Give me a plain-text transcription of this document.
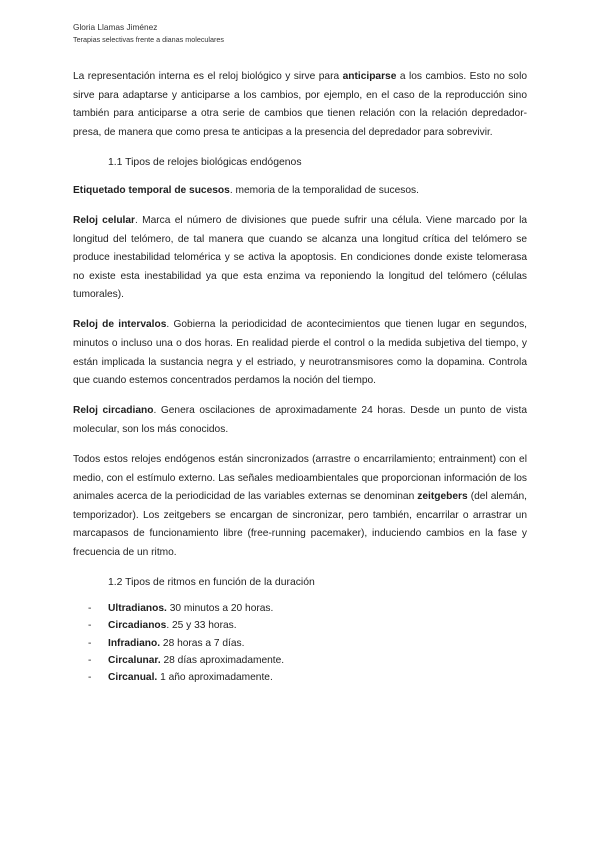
Gloria Llamas Jiménez
Terapias selectivas frente a dianas moleculares

La representación interna es el reloj biológico y sirve para anticiparse a los cambios. Esto no solo sirve para adaptarse y anticiparse a los cambios, por ejemplo, en el caso de la reproducción sino también para anticiparse a otra serie de cambios que tienen relación con la relación depredador-presa, de manera que como presa te anticipas a la presencia del depredador para sobrevivir.

1.1 Tipos de relojes biológicas endógenos

Etiquetado temporal de sucesos. memoria de la temporalidad de sucesos.

Reloj celular. Marca el número de divisiones que puede sufrir una célula. Viene marcado por la longitud del telómero, de tal manera que cuando se alcanza una longitud crítica del telómero se produce inestabilidad telomérica y se activa la apoptosis. En condiciones donde existe telomerasa no existe esta inestabilidad ya que esta enzima va reponiendo la longitud del telómero (células tumorales).

Reloj de intervalos. Gobierna la periodicidad de acontecimientos que tienen lugar en segundos, minutos o incluso una o dos horas. En realidad pierde el control o la medida subjetiva del tiempo, y están implicada la sustancia negra y el estriado, y neurotransmisores como la dopamina. Controla que cuando estemos concentrados perdamos la noción del tiempo.

Reloj circadiano. Genera oscilaciones de aproximadamente 24 horas. Desde un punto de vista molecular, son los más conocidos.

Todos estos relojes endógenos están sincronizados (arrastre o encarrilamiento; entrainment) con el medio, con el estímulo externo. Las señales medioambientales que proporcionan información de los animales acerca de la periodicidad de las variables externas se denominan zeitgebers (del alemán, temporizador). Los zeitgebers se encargan de sincronizar, pero también, encarrilar o arrastrar un marcapasos de funcionamiento libre (free-running pacemaker), induciendo cambios en la fase y frecuencia de un ritmo.

1.2 Tipos de ritmos en función de la duración
- Ultradianos. 30 minutos a 20 horas.
- Circadianos. 25 y 33 horas.
- Infradiano. 28 horas a 7 días.
- Circalunar. 28 días aproximadamente.
- Circanual. 1 año aproximadamente.
